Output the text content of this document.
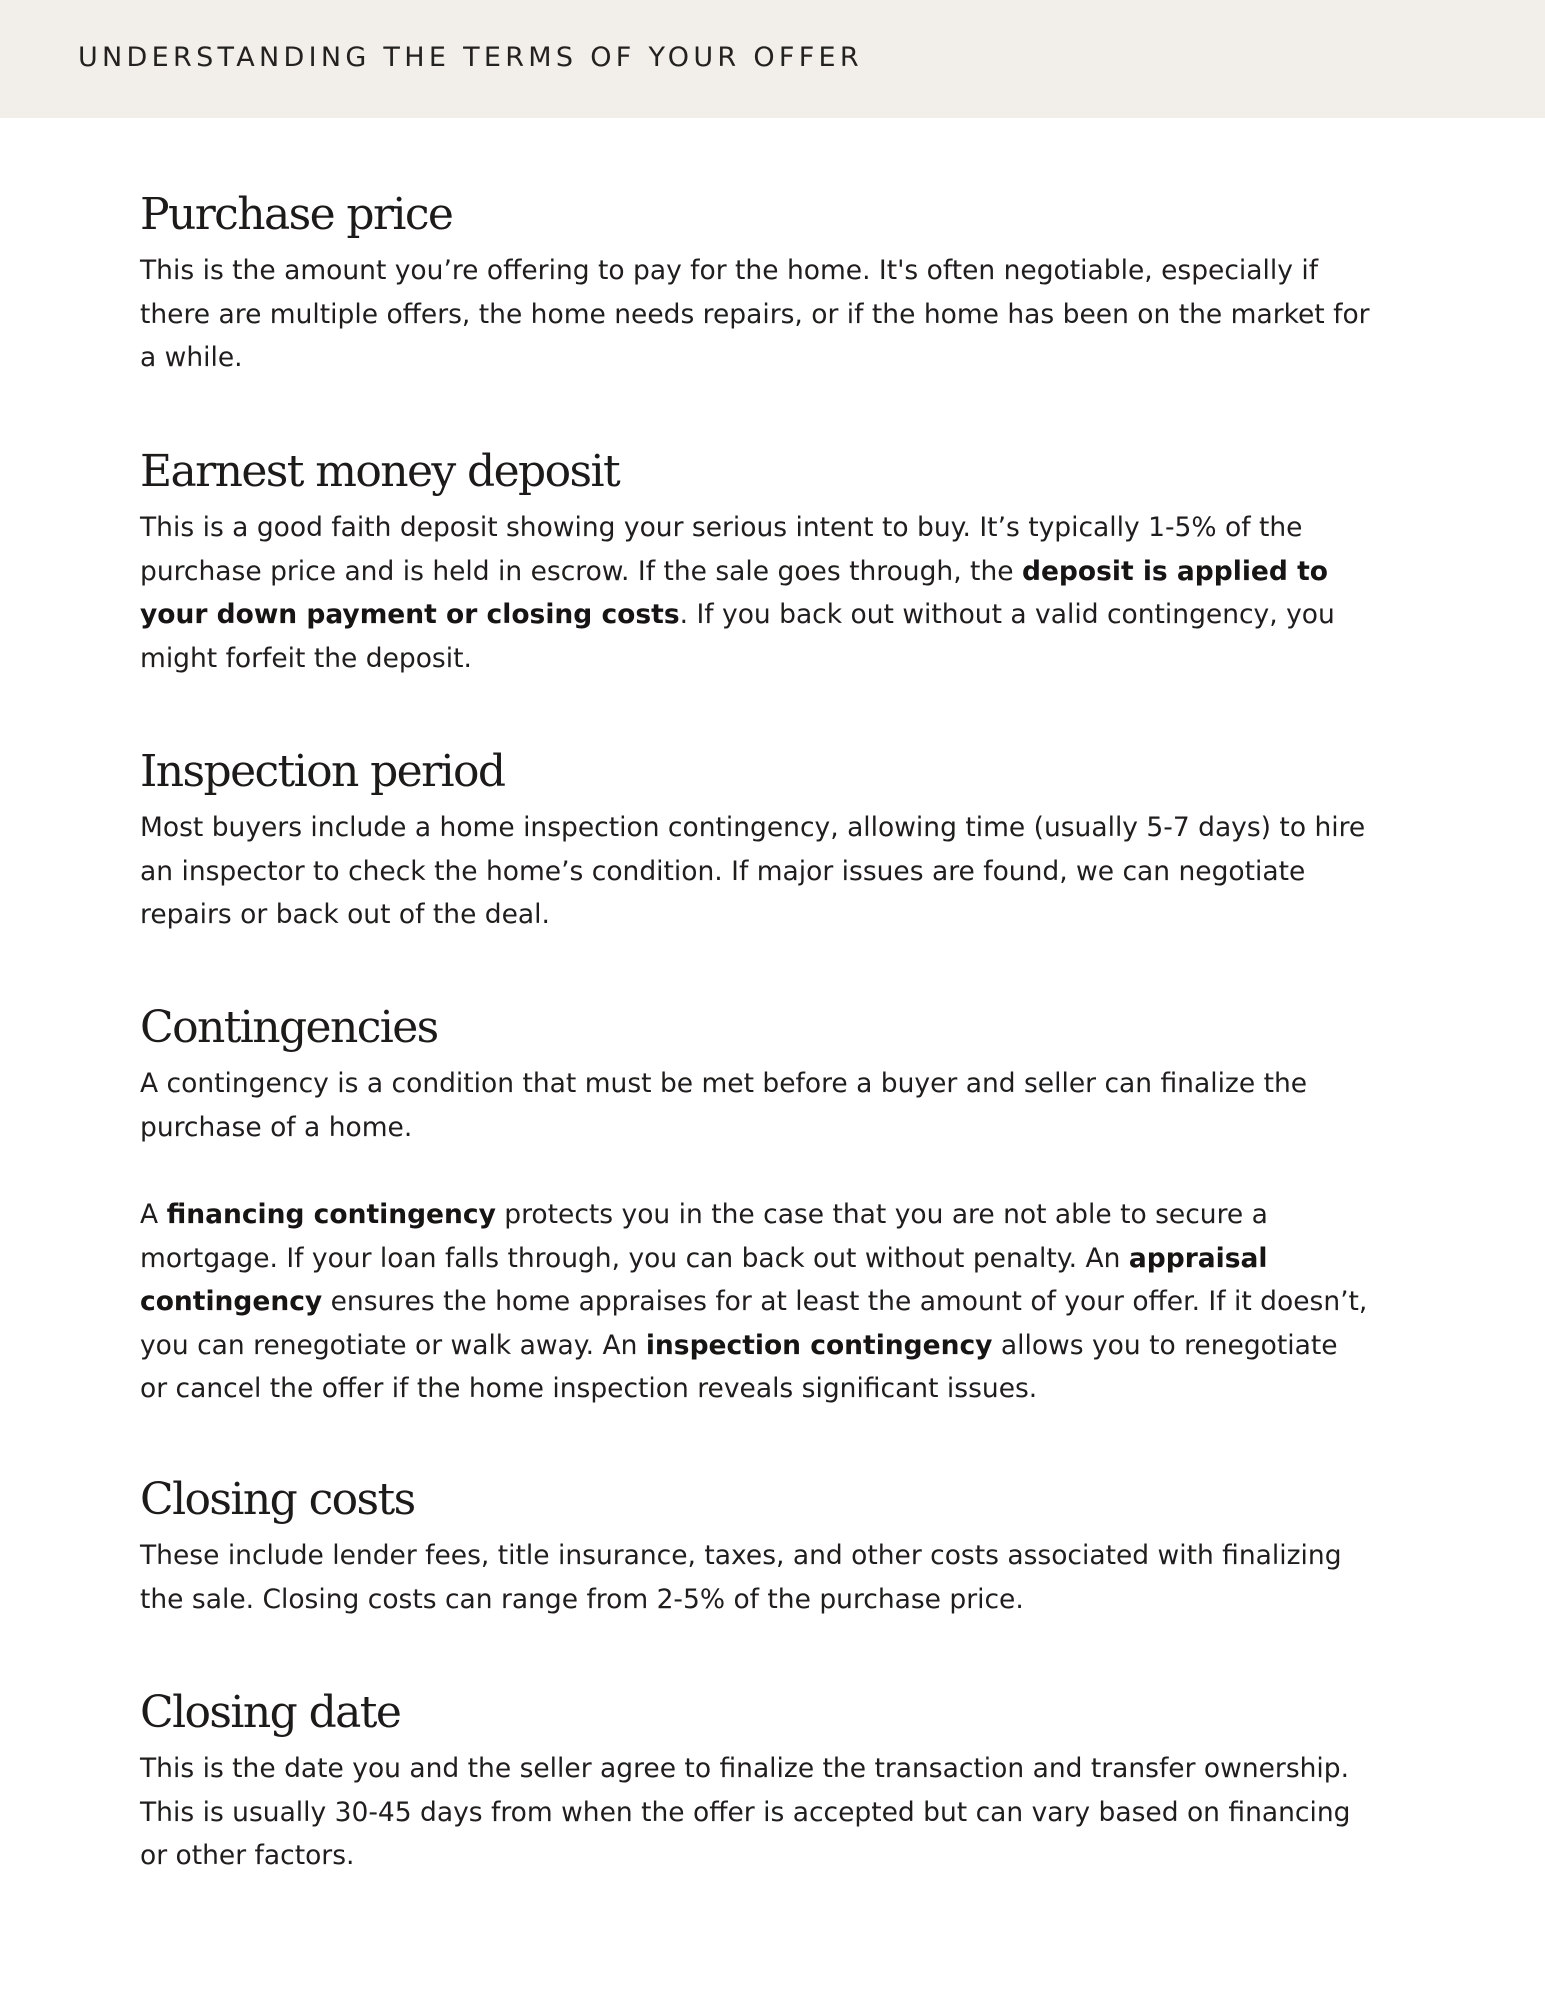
UNDERSTANDING THE TERMS OF YOUR OFFER
Purchase price

This is the amount you’re offering to pay for the home. It's often negotiable, especially if there are multiple offers, the home needs repairs, or if the home has been on the market for a while.

Earnest money deposit

This is a good faith deposit showing your serious intent to buy. It’s typically 1-5% of the purchase price and is held in escrow. If the sale goes through, the deposit is applied to your down payment or closing costs. If you back out without a valid contingency, you might forfeit the deposit.

Inspection period

Most buyers include a home inspection contingency, allowing time (usually 5-7 days) to hire an inspector to check the home’s condition. If major issues are found, we can negotiate repairs or back out of the deal.

Contingencies

A contingency is a condition that must be met before a buyer and seller can finalize the purchase of a home.

A financing contingency protects you in the case that you are not able to secure a mortgage. If your loan falls through, you can back out without penalty. An appraisal contingency ensures the home appraises for at least the amount of your offer. If it doesn’t, you can renegotiate or walk away. An inspection contingency allows you to renegotiate or cancel the offer if the home inspection reveals significant issues.

Closing costs

These include lender fees, title insurance, taxes, and other costs associated with finalizing the sale. Closing costs can range from 2-5% of the purchase price.

Closing date

This is the date you and the seller agree to finalize the transaction and transfer ownership. This is usually 30-45 days from when the offer is accepted but can vary based on financing or other factors.
